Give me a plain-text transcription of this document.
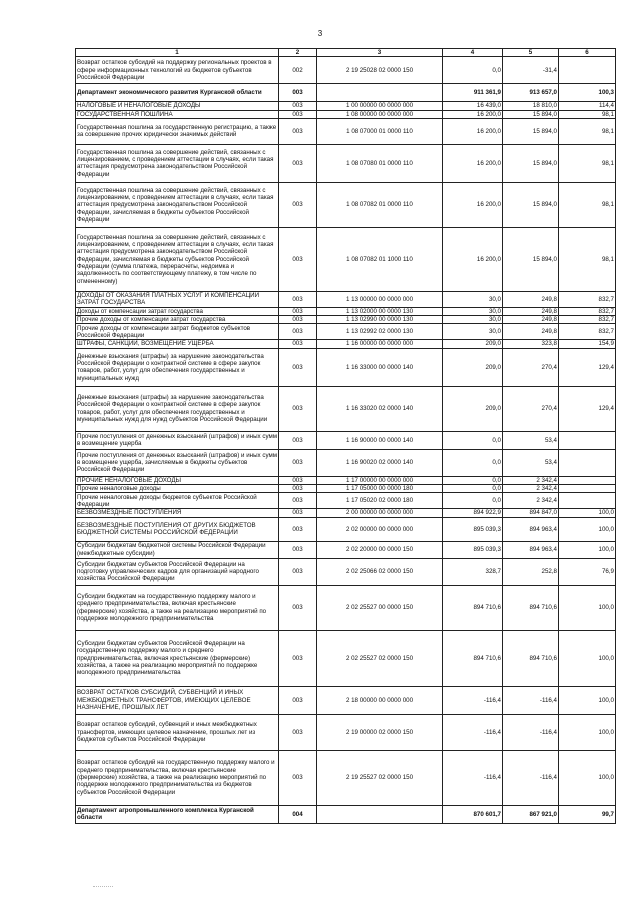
3
1	2	3	4	5	6
Возврат остатков субсидий на поддержку региональных проектов в сфере информационных технологий из бюджетов субъектов Российской Федерации	002	2 19 25028 02 0000 150	0,0	-31,4	
Департамент экономического развития Курганской области	003		911 361,9	913 657,0	100,3
НАЛОГОВЫЕ И НЕНАЛОГОВЫЕ ДОХОДЫ	003	1 00 00000 00 0000 000	16 439,0	18 810,0	114,4
ГОСУДАРСТВЕННАЯ ПОШЛИНА	003	1 08 00000 00 0000 000	16 200,0	15 894,0	98,1
Государственная пошлина за государственную регистрацию, а также за совершение прочих юридически значимых действий	003	1 08 07000 01 0000 110	16 200,0	15 894,0	98,1
Государственная пошлина за совершение действий, связанных с лицензированием, с проведением аттестации в случаях, если такая аттестация предусмотрена законодательством Российской Федерации	003	1 08 07080 01 0000 110	16 200,0	15 894,0	98,1
Государственная пошлина за совершение действий, связанных с лицензированием, с проведением аттестации в случаях, если такая аттестация предусмотрена законодательством Российской Федерации, зачисляемая в бюджеты субъектов Российской Федерации	003	1 08 07082 01 0000 110	16 200,0	15 894,0	98,1
Государственная пошлина за совершение действий, связанных с лицензированием, с проведением аттестации в случаях, если такая аттестация предусмотрена законодательством Российской Федерации, зачисляемая в бюджеты субъектов Российской Федерации (сумма платежа, перерасчеты, недоимка и задолженность по соответствующему платежу, в том числе по отмененному)	003	1 08 07082 01 1000 110	16 200,0	15 894,0	98,1
ДОХОДЫ ОТ ОКАЗАНИЯ ПЛАТНЫХ УСЛУГ И КОМПЕНСАЦИИ ЗАТРАТ ГОСУДАРСТВА	003	1 13 00000 00 0000 000	30,0	249,8	832,7
Доходы от компенсации затрат государства	003	1 13 02000 00 0000 130	30,0	249,8	832,7
Прочие доходы от компенсации затрат государства	003	1 13 02990 00 0000 130	30,0	249,8	832,7
Прочие доходы от компенсации затрат бюджетов субъектов Российской Федерации	003	1 13 02992 02 0000 130	30,0	249,8	832,7
ШТРАФЫ, САНКЦИИ, ВОЗМЕЩЕНИЕ УЩЕРБА	003	1 16 00000 00 0000 000	209,0	323,8	154,9
Денежные взыскания (штрафы) за нарушение законодательства Российской Федерации о контрактной системе в сфере закупок товаров, работ, услуг для обеспечения государственных и муниципальных нужд	003	1 16 33000 00 0000 140	209,0	270,4	129,4
Денежные взыскания (штрафы) за нарушение законодательства Российской Федерации о контрактной системе в сфере закупок товаров, работ, услуг для обеспечения государственных и муниципальных нужд для нужд субъектов Российской Федерации	003	1 16 33020 02 0000 140	209,0	270,4	129,4
Прочие поступления от денежных взысканий (штрафов) и иных сумм в возмещение ущерба	003	1 16 90000 00 0000 140	0,0	53,4	
Прочие поступления от денежных взысканий (штрафов) и иных сумм в возмещение ущерба, зачисляемые в бюджеты субъектов Российской Федерации	003	1 16 90020 02 0000 140	0,0	53,4	
ПРОЧИЕ НЕНАЛОГОВЫЕ ДОХОДЫ	003	1 17 00000 00 0000 000	0,0	2 342,4	
Прочие неналоговые доходы	003	1 17 05000 00 0000 180	0,0	2 342,4	
Прочие неналоговые доходы бюджетов субъектов Российской Федерации	003	1 17 05020 02 0000 180	0,0	2 342,4	
БЕЗВОЗМЕЗДНЫЕ ПОСТУПЛЕНИЯ	003	2 00 00000 00 0000 000	894 922,9	894 847,0	100,0
БЕЗВОЗМЕЗДНЫЕ ПОСТУПЛЕНИЯ ОТ ДРУГИХ БЮДЖЕТОВ БЮДЖЕТНОЙ СИСТЕМЫ РОССИЙСКОЙ ФЕДЕРАЦИИ	003	2 02 00000 00 0000 000	895 039,3	894 963,4	100,0
Субсидии бюджетам бюджетной системы Российской Федерации (межбюджетные субсидии)	003	2 02 20000 00 0000 150	895 039,3	894 963,4	100,0
Субсидии бюджетам субъектов Российской Федерации на подготовку управленческих кадров для организаций народного хозяйства Российской Федерации	003	2 02 25066 02 0000 150	328,7	252,8	76,9
Субсидии бюджетам на государственную поддержку малого и среднего предпринимательства, включая крестьянские (фермерские) хозяйства, а также на реализацию мероприятий по поддержке молодежного предпринимательства	003	2 02 25527 00 0000 150	894 710,6	894 710,6	100,0
Субсидии бюджетам субъектов Российской Федерации на государственную поддержку малого и среднего предпринимательства, включая крестьянские (фермерские) хозяйства, а также на реализацию мероприятий по поддержке молодежного предпринимательства	003	2 02 25527 02 0000 150	894 710,6	894 710,6	100,0
ВОЗВРАТ ОСТАТКОВ СУБСИДИЙ, СУБВЕНЦИЙ И ИНЫХ МЕЖБЮДЖЕТНЫХ ТРАНСФЕРТОВ, ИМЕЮЩИХ ЦЕЛЕВОЕ НАЗНАЧЕНИЕ, ПРОШЛЫХ ЛЕТ	003	2 18 00000 00 0000 000	-116,4	-116,4	100,0
Возврат остатков субсидий, субвенций и иных межбюджетных трансфертов, имеющих целевое назначение, прошлых лет из бюджетов субъектов Российской Федерации	003	2 19 00000 02 0000 150	-116,4	-116,4	100,0
Возврат остатков субсидий на государственную поддержку малого и среднего предпринимательства, включая крестьянские (фермерские) хозяйства, а также на реализацию мероприятий по поддержке молодежного предпринимательства из бюджетов субъектов Российской Федерации	003	2 19 25527 02 0000 150	-116,4	-116,4	100,0
Департамент агропромышленного комплекса Курганской области	004		870 601,7	867 921,0	99,7
